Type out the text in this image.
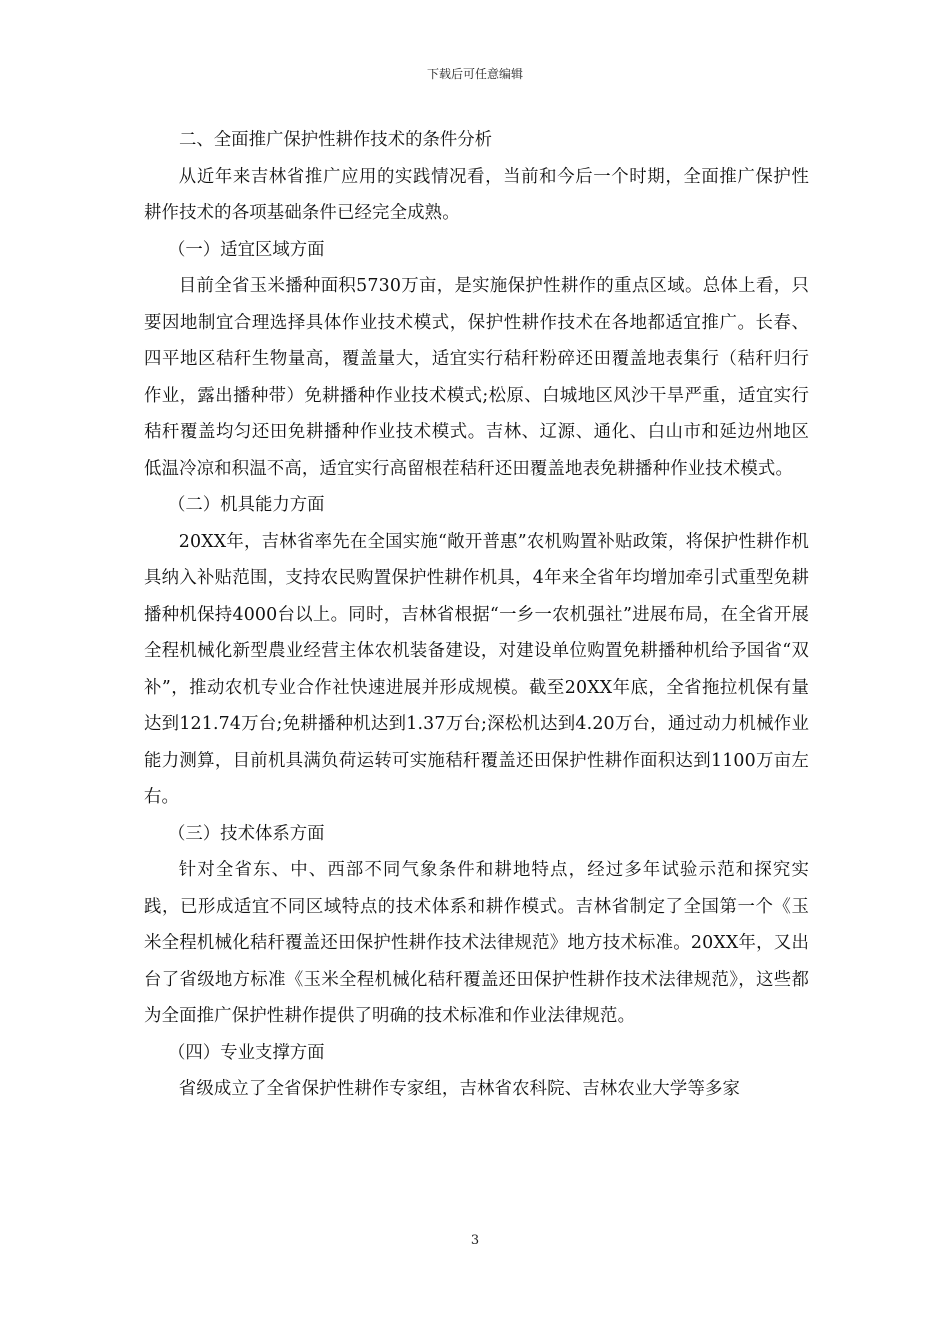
下载后可任意编辑

二、全面推广保护性耕作技术的条件分析

从近年来吉林省推广应用的实践情况看，当前和今后一个时期，全面推广保护性耕作技术的各项基础条件已经完全成熟。

（一）适宜区域方面

目前全省玉米播种面积5730万亩，是实施保护性耕作的重点区域。总体上看，只要因地制宜合理选择具体作业技术模式，保护性耕作技术在各地都适宜推广。长春、四平地区秸秆生物量高，覆盖量大，适宜实行秸秆粉碎还田覆盖地表集行（秸秆归行作业，露出播种带）免耕播种作业技术模式;松原、白城地区风沙干旱严重，适宜实行秸秆覆盖均匀还田免耕播种作业技术模式。吉林、辽源、通化、白山市和延边州地区低温冷凉和积温不高，适宜实行高留根茬秸秆还田覆盖地表免耕播种作业技术模式。

（二）机具能力方面

20XX年，吉林省率先在全国实施“敞开普惠”农机购置补贴政策，将保护性耕作机具纳入补贴范围，支持农民购置保护性耕作机具，4年来全省年均增加牵引式重型免耕播种机保持4000台以上。同时，吉林省根据“一乡一农机强社”进展布局，在全省开展全程机械化新型農业经营主体农机装备建设，对建设单位购置免耕播种机给予国省“双补”，推动农机专业合作社快速进展并形成规模。截至20XX年底，全省拖拉机保有量达到121.74万台;免耕播种机达到1.37万台;深松机达到4.20万台，通过动力机械作业能力测算，目前机具满负荷运转可实施秸秆覆盖还田保护性耕作面积达到1100万亩左右。

（三）技术体系方面

针对全省东、中、西部不同气象条件和耕地特点，经过多年试验示范和探究实践，已形成适宜不同区域特点的技术体系和耕作模式。吉林省制定了全国第一个《玉米全程机械化秸秆覆盖还田保护性耕作技术法律规范》地方技术标准。20XX年，又出台了省级地方标准《玉米全程机械化秸秆覆盖还田保护性耕作技术法律规范》，这些都为全面推广保护性耕作提供了明确的技术标准和作业法律规范。

（四）专业支撑方面

省级成立了全省保护性耕作专家组，吉林省农科院、吉林农业大学等多家

3
